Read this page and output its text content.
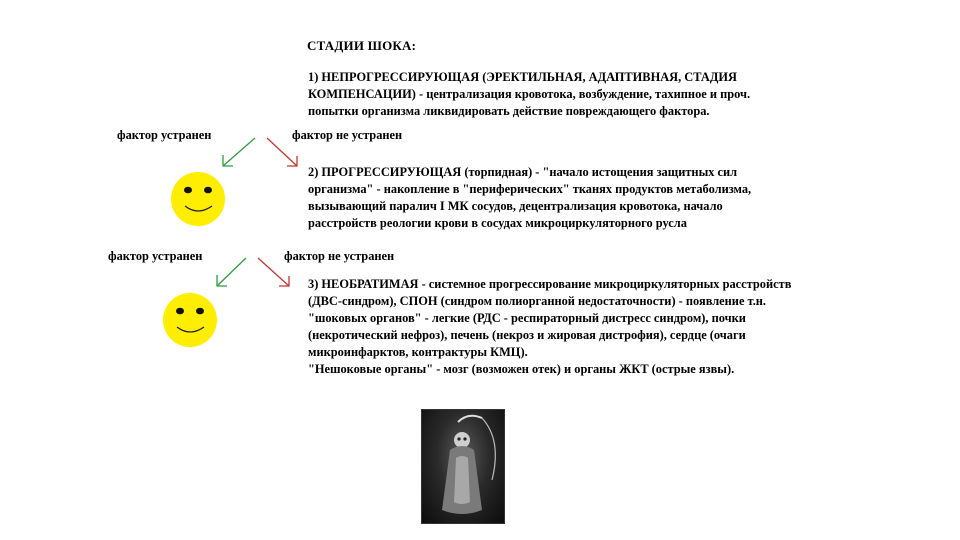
СТАДИИ ШОКА:
1) НЕПРОГРЕССИРУЮЩАЯ (ЭРЕКТИЛЬНАЯ, АДАПТИВНАЯ, СТАДИЯ
КОМПЕНСАЦИИ) - централизация кровотока, возбуждение, тахипное и проч.
попытки организма ликвидировать действие повреждающего фактора.
фактор устранен	фактор не устранен
2) ПРОГРЕССИРУЮЩАЯ (торпидная) - "начало истощения защитных сил
организма" - накопление в "периферических" тканях продуктов метаболизма,
вызывающий паралич I МК сосудов, децентрализация кровотока, начало
расстройств реологии крови в сосудах микроциркуляторного русла
фактор устранен	фактор не устранен
3) НЕОБРАТИМАЯ - системное прогрессирование микроциркуляторных расстройств
(ДВС-синдром), СПОН (синдром полиорганной недостаточности) - появление т.н.
"шоковых органов" - легкие (РДС - респираторный дистресс синдром), почки
(некротический нефроз), печень (некроз и жировая дистрофия), сердце (очаги
микроинфарктов, контрактуры КМЦ).
"Нешоковые органы" - мозг (возможен отек) и органы ЖКТ (острые язвы).
